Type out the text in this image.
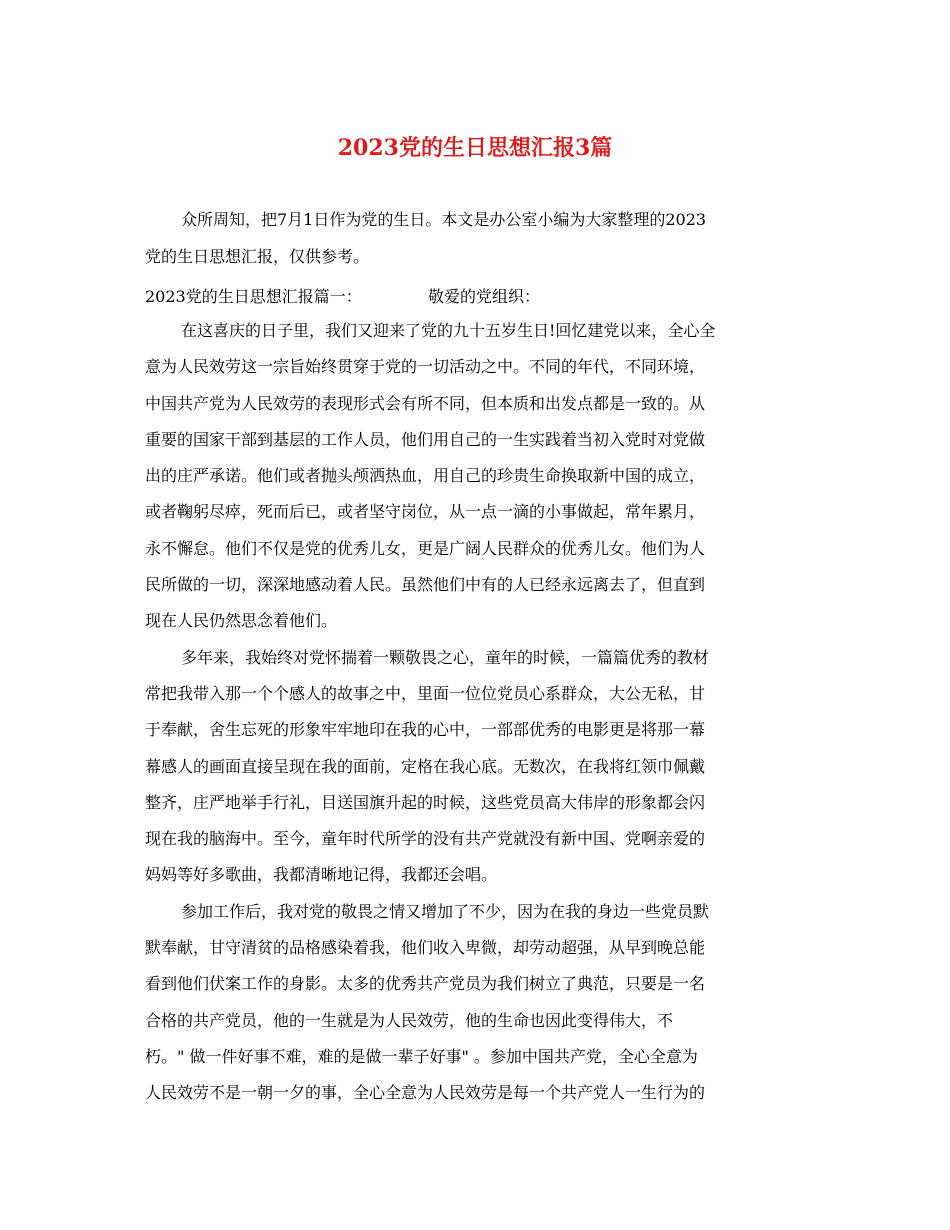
2023党的生日思想汇报3篇
众所周知，把7月1日作为党的生日。本文是办公室小编为大家整理的2023
党的生日思想汇报，仅供参考。
2023党的生日思想汇报篇一：	敬爱的党组织：
在这喜庆的日子里，我们又迎来了党的九十五岁生日!回忆建党以来，全心全
意为人民效劳这一宗旨始终贯穿于党的一切活动之中。不同的年代，不同环境，
中国共产党为人民效劳的表现形式会有所不同，但本质和出发点都是一致的。从
重要的国家干部到基层的工作人员，他们用自己的一生实践着当初入党时对党做
出的庄严承诺。他们或者抛头颅洒热血，用自己的珍贵生命换取新中国的成立，
或者鞠躬尽瘁，死而后已，或者坚守岗位，从一点一滴的小事做起，常年累月，
永不懈怠。他们不仅是党的优秀儿女，更是广阔人民群众的优秀儿女。他们为人
民所做的一切，深深地感动着人民。虽然他们中有的人已经永远离去了，但直到
现在人民仍然思念着他们。
多年来，我始终对党怀揣着一颗敬畏之心，童年的时候，一篇篇优秀的教材
常把我带入那一个个感人的故事之中，里面一位位党员心系群众，大公无私，甘
于奉献，舍生忘死的形象牢牢地印在我的心中，一部部优秀的电影更是将那一幕
幕感人的画面直接呈现在我的面前，定格在我心底。无数次，在我将红领巾佩戴
整齐，庄严地举手行礼，目送国旗升起的时候，这些党员高大伟岸的形象都会闪
现在我的脑海中。至今，童年时代所学的没有共产党就没有新中国、党啊亲爱的
妈妈等好多歌曲，我都清晰地记得，我都还会唱。
参加工作后，我对党的敬畏之情又增加了不少，因为在我的身边一些党员默
默奉献，甘守清贫的品格感染着我，他们收入卑微，却劳动超强，从早到晚总能
看到他们伏案工作的身影。太多的优秀共产党员为我们树立了典范，只要是一名
合格的共产党员，他的一生就是为人民效劳，他的生命也因此变得伟大，不
朽。" 做一件好事不难，难的是做一辈子好事" 。参加中国共产党，全心全意为
人民效劳不是一朝一夕的事，全心全意为人民效劳是每一个共产党人一生行为的
